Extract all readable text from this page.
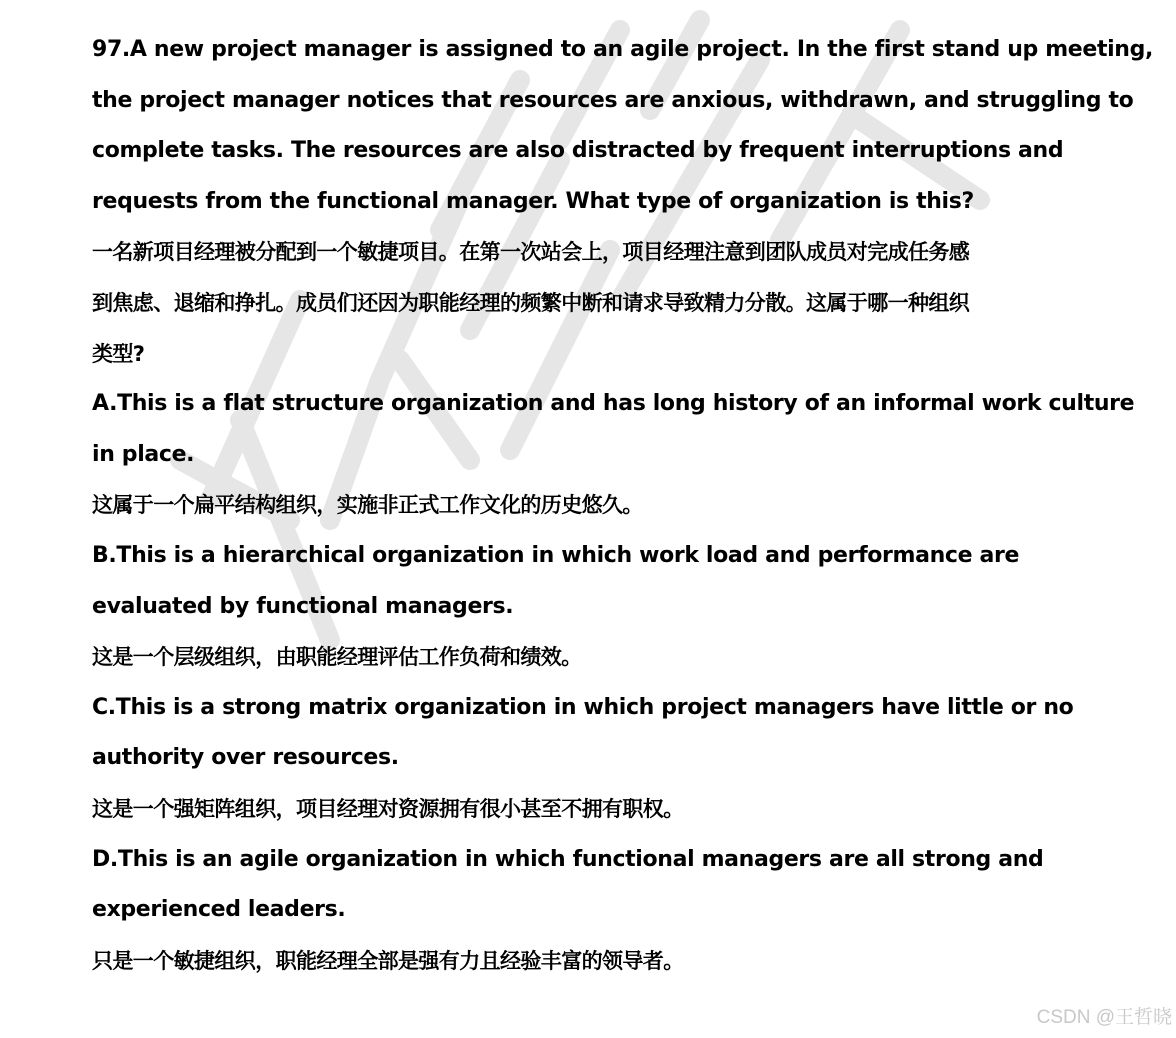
97.A new project manager is assigned to an agile project. In the first stand up meeting,
the project manager notices that resources are anxious, withdrawn, and struggling to
complete tasks. The resources are also distracted by frequent interruptions and
requests from the functional manager. What type of organization is this?
一名新项目经理被分配到一个敏捷项目。在第一次站会上，项目经理注意到团队成员对完成任务感
到焦虑、退缩和挣扎。成员们还因为职能经理的频繁中断和请求导致精力分散。这属于哪一种组织
类型?
A.This is a flat structure organization and has long history of an informal work culture
in place.
这属于一个扁平结构组织，实施非正式工作文化的历史悠久。
B.This is a hierarchical organization in which work load and performance are
evaluated by functional managers.
这是一个层级组织，由职能经理评估工作负荷和绩效。
C.This is a strong matrix organization in which project managers have little or no
authority over resources.
这是一个强矩阵组织，项目经理对资源拥有很小甚至不拥有职权。
D.This is an agile organization in which functional managers are all strong and
experienced leaders.
只是一个敏捷组织，职能经理全部是强有力且经验丰富的领导者。
CSDN @王哲晓
